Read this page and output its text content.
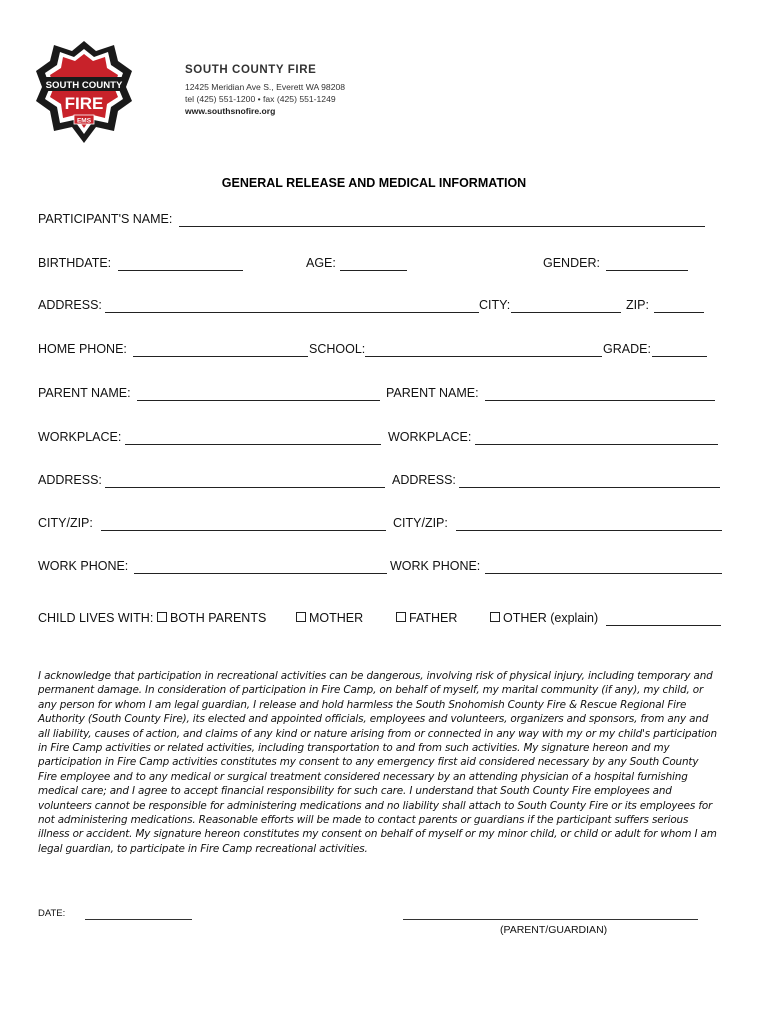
SOUTH COUNTY
FIRE
EMS
SOUTH COUNTY FIRE
12425 Meridian Ave S., Everett WA 98208
tel (425) 551-1200 • fax (425) 551-1249
www.southsnofire.org
GENERAL RELEASE AND MEDICAL INFORMATION
PARTICIPANT'S NAME:
BIRTHDATE:	AGE:	GENDER:
ADDRESS:	CITY:	ZIP:
HOME PHONE:	SCHOOL:	GRADE:
PARENT NAME:	PARENT NAME:
WORKPLACE:	WORKPLACE:
ADDRESS:	ADDRESS:
CITY/ZIP:	CITY/ZIP:
WORK PHONE:	WORK PHONE:
CHILD LIVES WITH:	BOTH PARENTS	MOTHER	FATHER	OTHER (explain)
I acknowledge that participation in recreational activities can be dangerous, involving risk of physical injury, including temporary and permanent damage. In consideration of participation in Fire Camp, on behalf of myself, my marital community (if any), my child, or any person for whom I am legal guardian, I release and hold harmless the South Snohomish County Fire & Rescue Regional Fire Authority (South County Fire), its elected and appointed officials, employees and volunteers, organizers and sponsors, from any and all liability, causes of action, and claims of any kind or nature arising from or connected in any way with my or my child's participation in Fire Camp activities or related activities, including transportation to and from such activities. My signature hereon and my participation in Fire Camp activities constitutes my consent to any emergency first aid considered necessary by any South County Fire employee and to any medical or surgical treatment considered necessary by an attending physician of a hospital furnishing medical care; and I agree to accept financial responsibility for such care. I understand that South County Fire employees and volunteers cannot be responsible for administering medications and no liability shall attach to South County Fire or its employees for not administering medications. Reasonable efforts will be made to contact parents or guardians if the participant suffers serious illness or accident. My signature hereon constitutes my consent on behalf of myself or my minor child, or child or adult for whom I am legal guardian, to participate in Fire Camp recreational activities.
DATE:
(PARENT/GUARDIAN)
